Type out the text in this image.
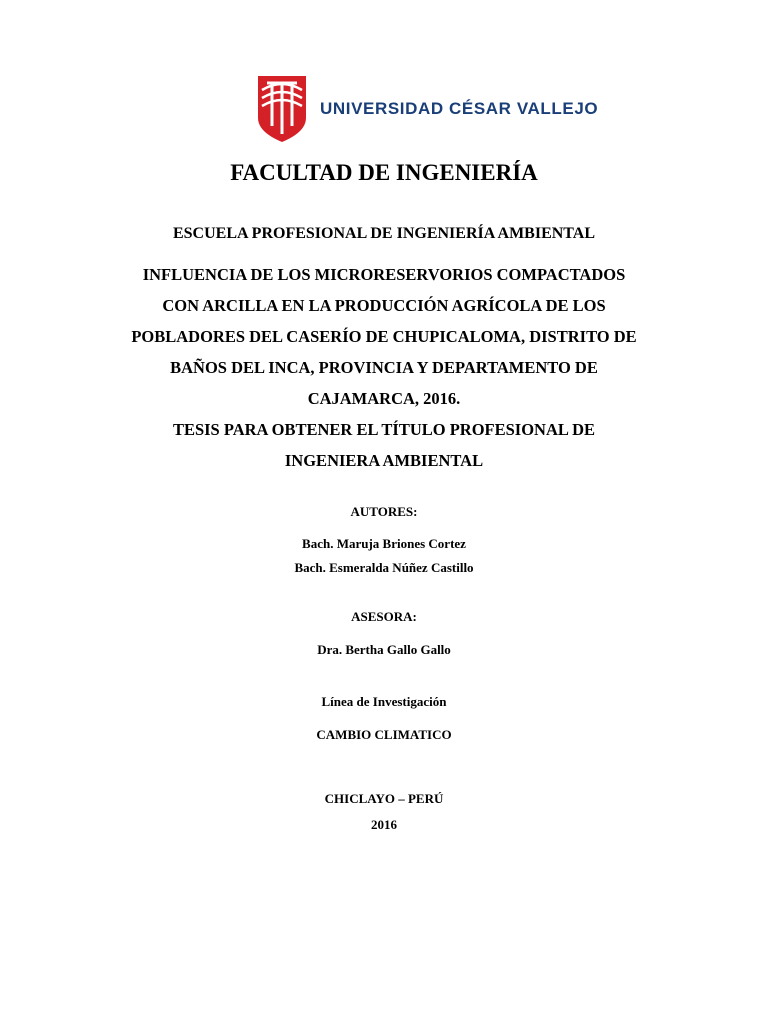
UNIVERSIDAD CÉSAR VALLEJO
FACULTAD DE INGENIERÍA
ESCUELA PROFESIONAL DE INGENIERÍA AMBIENTAL
INFLUENCIA DE LOS MICRORESERVORIOS COMPACTADOS
CON ARCILLA EN LA PRODUCCIÓN AGRÍCOLA DE LOS
POBLADORES DEL CASERÍO DE CHUPICALOMA, DISTRITO DE
BAÑOS DEL INCA, PROVINCIA Y DEPARTAMENTO DE
CAJAMARCA, 2016.
TESIS PARA OBTENER EL TÍTULO PROFESIONAL DE
INGENIERA AMBIENTAL
AUTORES:
Bach. Maruja Briones Cortez
Bach. Esmeralda Núñez Castillo
ASESORA:
Dra. Bertha Gallo Gallo
Línea de Investigación
CAMBIO CLIMATICO
CHICLAYO – PERÚ
2016
